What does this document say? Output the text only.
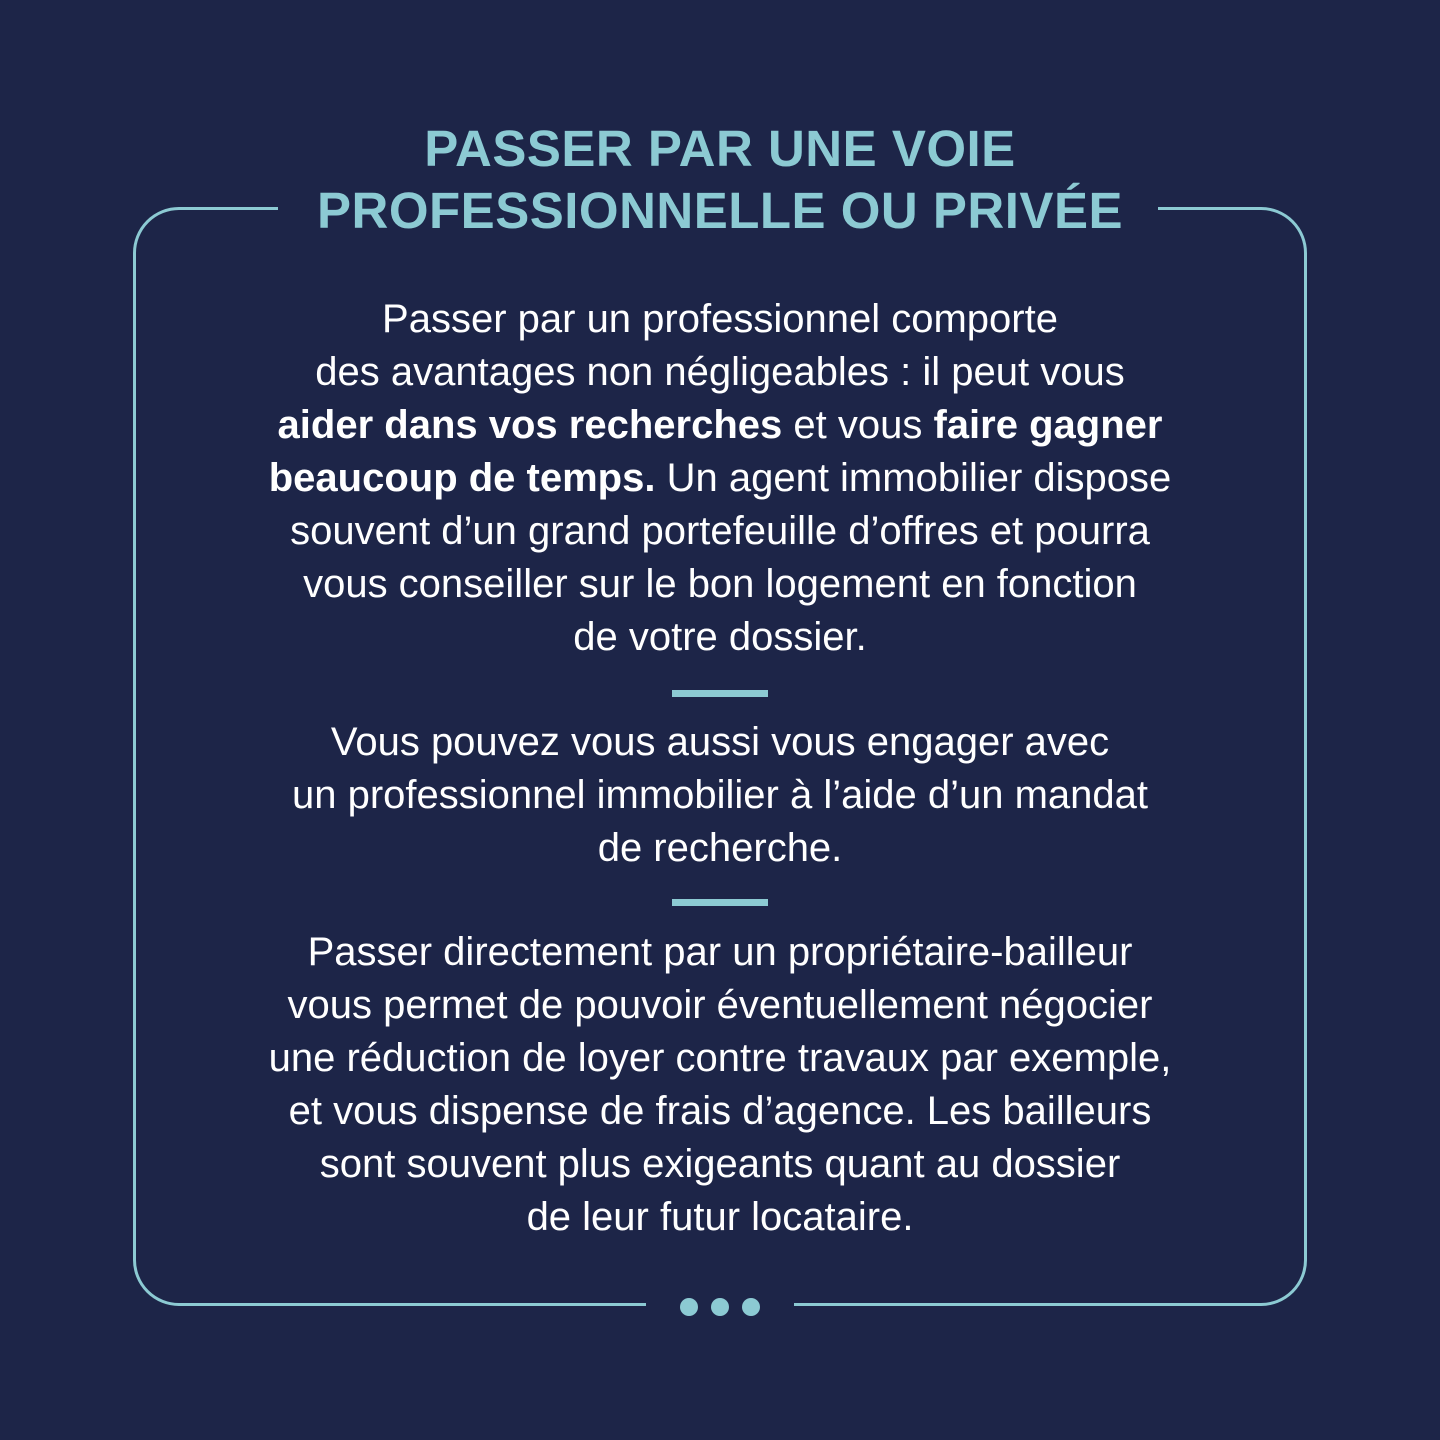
PASSER PAR UNE VOIE
PROFESSIONNELLE OU PRIVÉE

Passer par un professionnel comporte
des avantages non négligeables : il peut vous
aider dans vos recherches et vous faire gagner
beaucoup de temps. Un agent immobilier dispose
souvent d’un grand portefeuille d’offres et pourra
vous conseiller sur le bon logement en fonction
de votre dossier.

Vous pouvez vous aussi vous engager avec
un professionnel immobilier à l’aide d’un mandat
de recherche.

Passer directement par un propriétaire-bailleur
vous permet de pouvoir éventuellement négocier
une réduction de loyer contre travaux par exemple,
et vous dispense de frais d’agence. Les bailleurs
sont souvent plus exigeants quant au dossier
de leur futur locataire.
